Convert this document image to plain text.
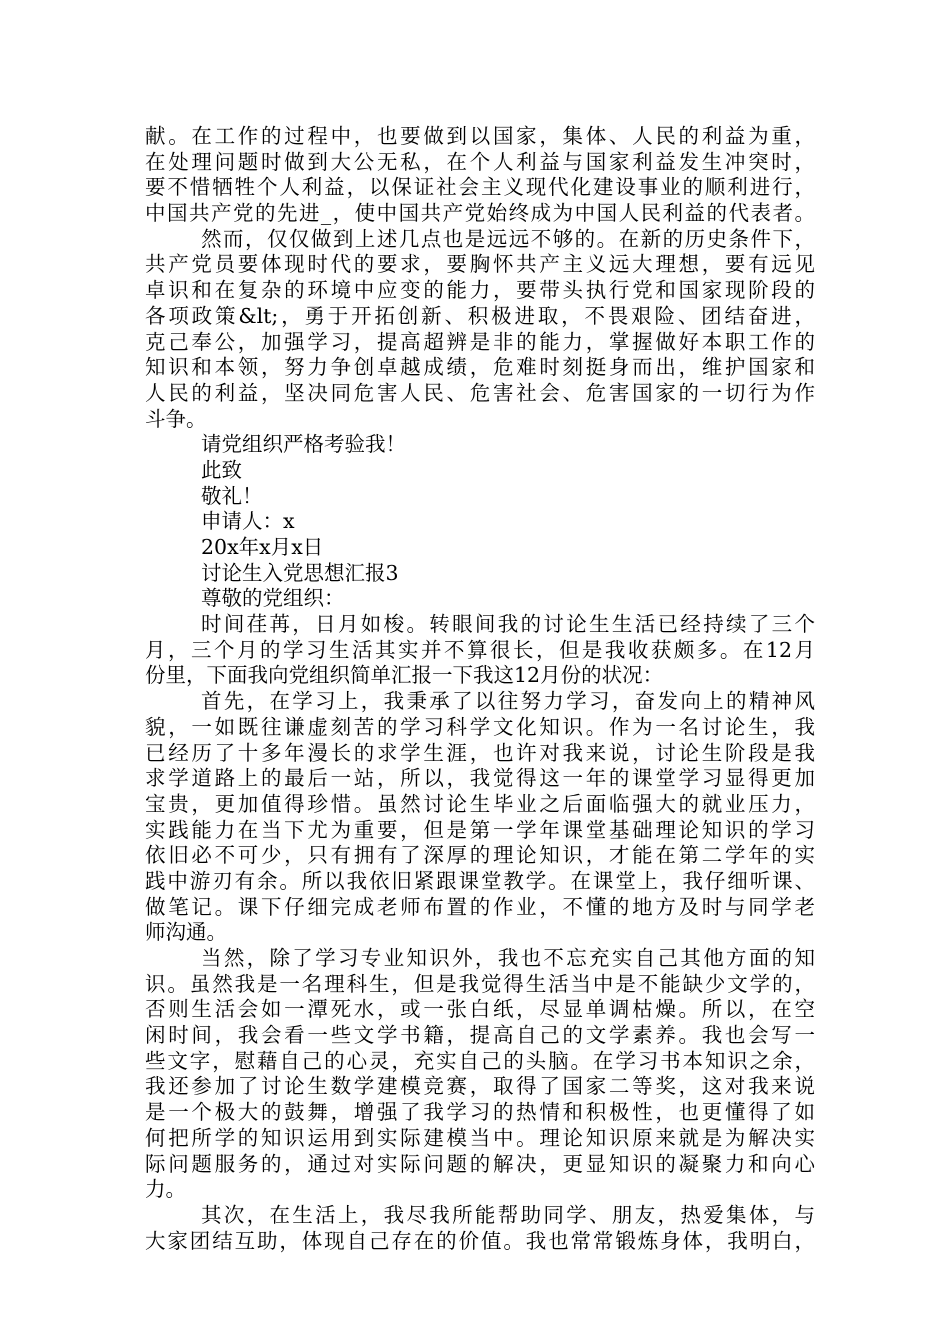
献。在工作的过程中，也要做到以国家，集体、人民的利益为重，
在处理问题时做到大公无私，在个人利益与国家利益发生冲突时，
要不惜牺牲个人利益，以保证社会主义现代化建设事业的顺利进行，
中国共产党的先进_，使中国共产党始终成为中国人民利益的代表者。
然而，仅仅做到上述几点也是远远不够的。在新的历史条件下，
共产党员要体现时代的要求，要胸怀共产主义远大理想，要有远见
卓识和在复杂的环境中应变的能力，要带头执行党和国家现阶段的
各项政策&lt;，勇于开拓创新、积极进取，不畏艰险、团结奋进，
克己奉公，加强学习，提高超辨是非的能力，掌握做好本职工作的
知识和本领，努力争创卓越成绩，危难时刻挺身而出，维护国家和
人民的利益，坚决同危害人民、危害社会、危害国家的一切行为作
斗争。
请党组织严格考验我！
此致
敬礼！
申请人：x
20x年x月x日
讨论生入党思想汇报3
尊敬的党组织：
时间荏苒，日月如梭。转眼间我的讨论生生活已经持续了三个
月，三个月的学习生活其实并不算很长，但是我收获颇多。在12月
份里，下面我向党组织简单汇报一下我这12月份的状况：
首先，在学习上，我秉承了以往努力学习，奋发向上的精神风
貌，一如既往谦虚刻苦的学习科学文化知识。作为一名讨论生，我
已经历了十多年漫长的求学生涯，也许对我来说，讨论生阶段是我
求学道路上的最后一站，所以，我觉得这一年的课堂学习显得更加
宝贵，更加值得珍惜。虽然讨论生毕业之后面临强大的就业压力，
实践能力在当下尤为重要，但是第一学年课堂基础理论知识的学习
依旧必不可少，只有拥有了深厚的理论知识，才能在第二学年的实
践中游刃有余。所以我依旧紧跟课堂教学。在课堂上，我仔细听课、
做笔记。课下仔细完成老师布置的作业，不懂的地方及时与同学老
师沟通。
当然，除了学习专业知识外，我也不忘充实自己其他方面的知
识。虽然我是一名理科生，但是我觉得生活当中是不能缺少文学的，
否则生活会如一潭死水，或一张白纸，尽显单调枯燥。所以，在空
闲时间，我会看一些文学书籍，提高自己的文学素养。我也会写一
些文字，慰藉自己的心灵，充实自己的头脑。在学习书本知识之余，
我还参加了讨论生数学建模竞赛，取得了国家二等奖，这对我来说
是一个极大的鼓舞，增强了我学习的热情和积极性，也更懂得了如
何把所学的知识运用到实际建模当中。理论知识原来就是为解决实
际问题服务的，通过对实际问题的解决，更显知识的凝聚力和向心
力。
其次，在生活上，我尽我所能帮助同学、朋友，热爱集体，与
大家团结互助，体现自己存在的价值。我也常常锻炼身体，我明白，
